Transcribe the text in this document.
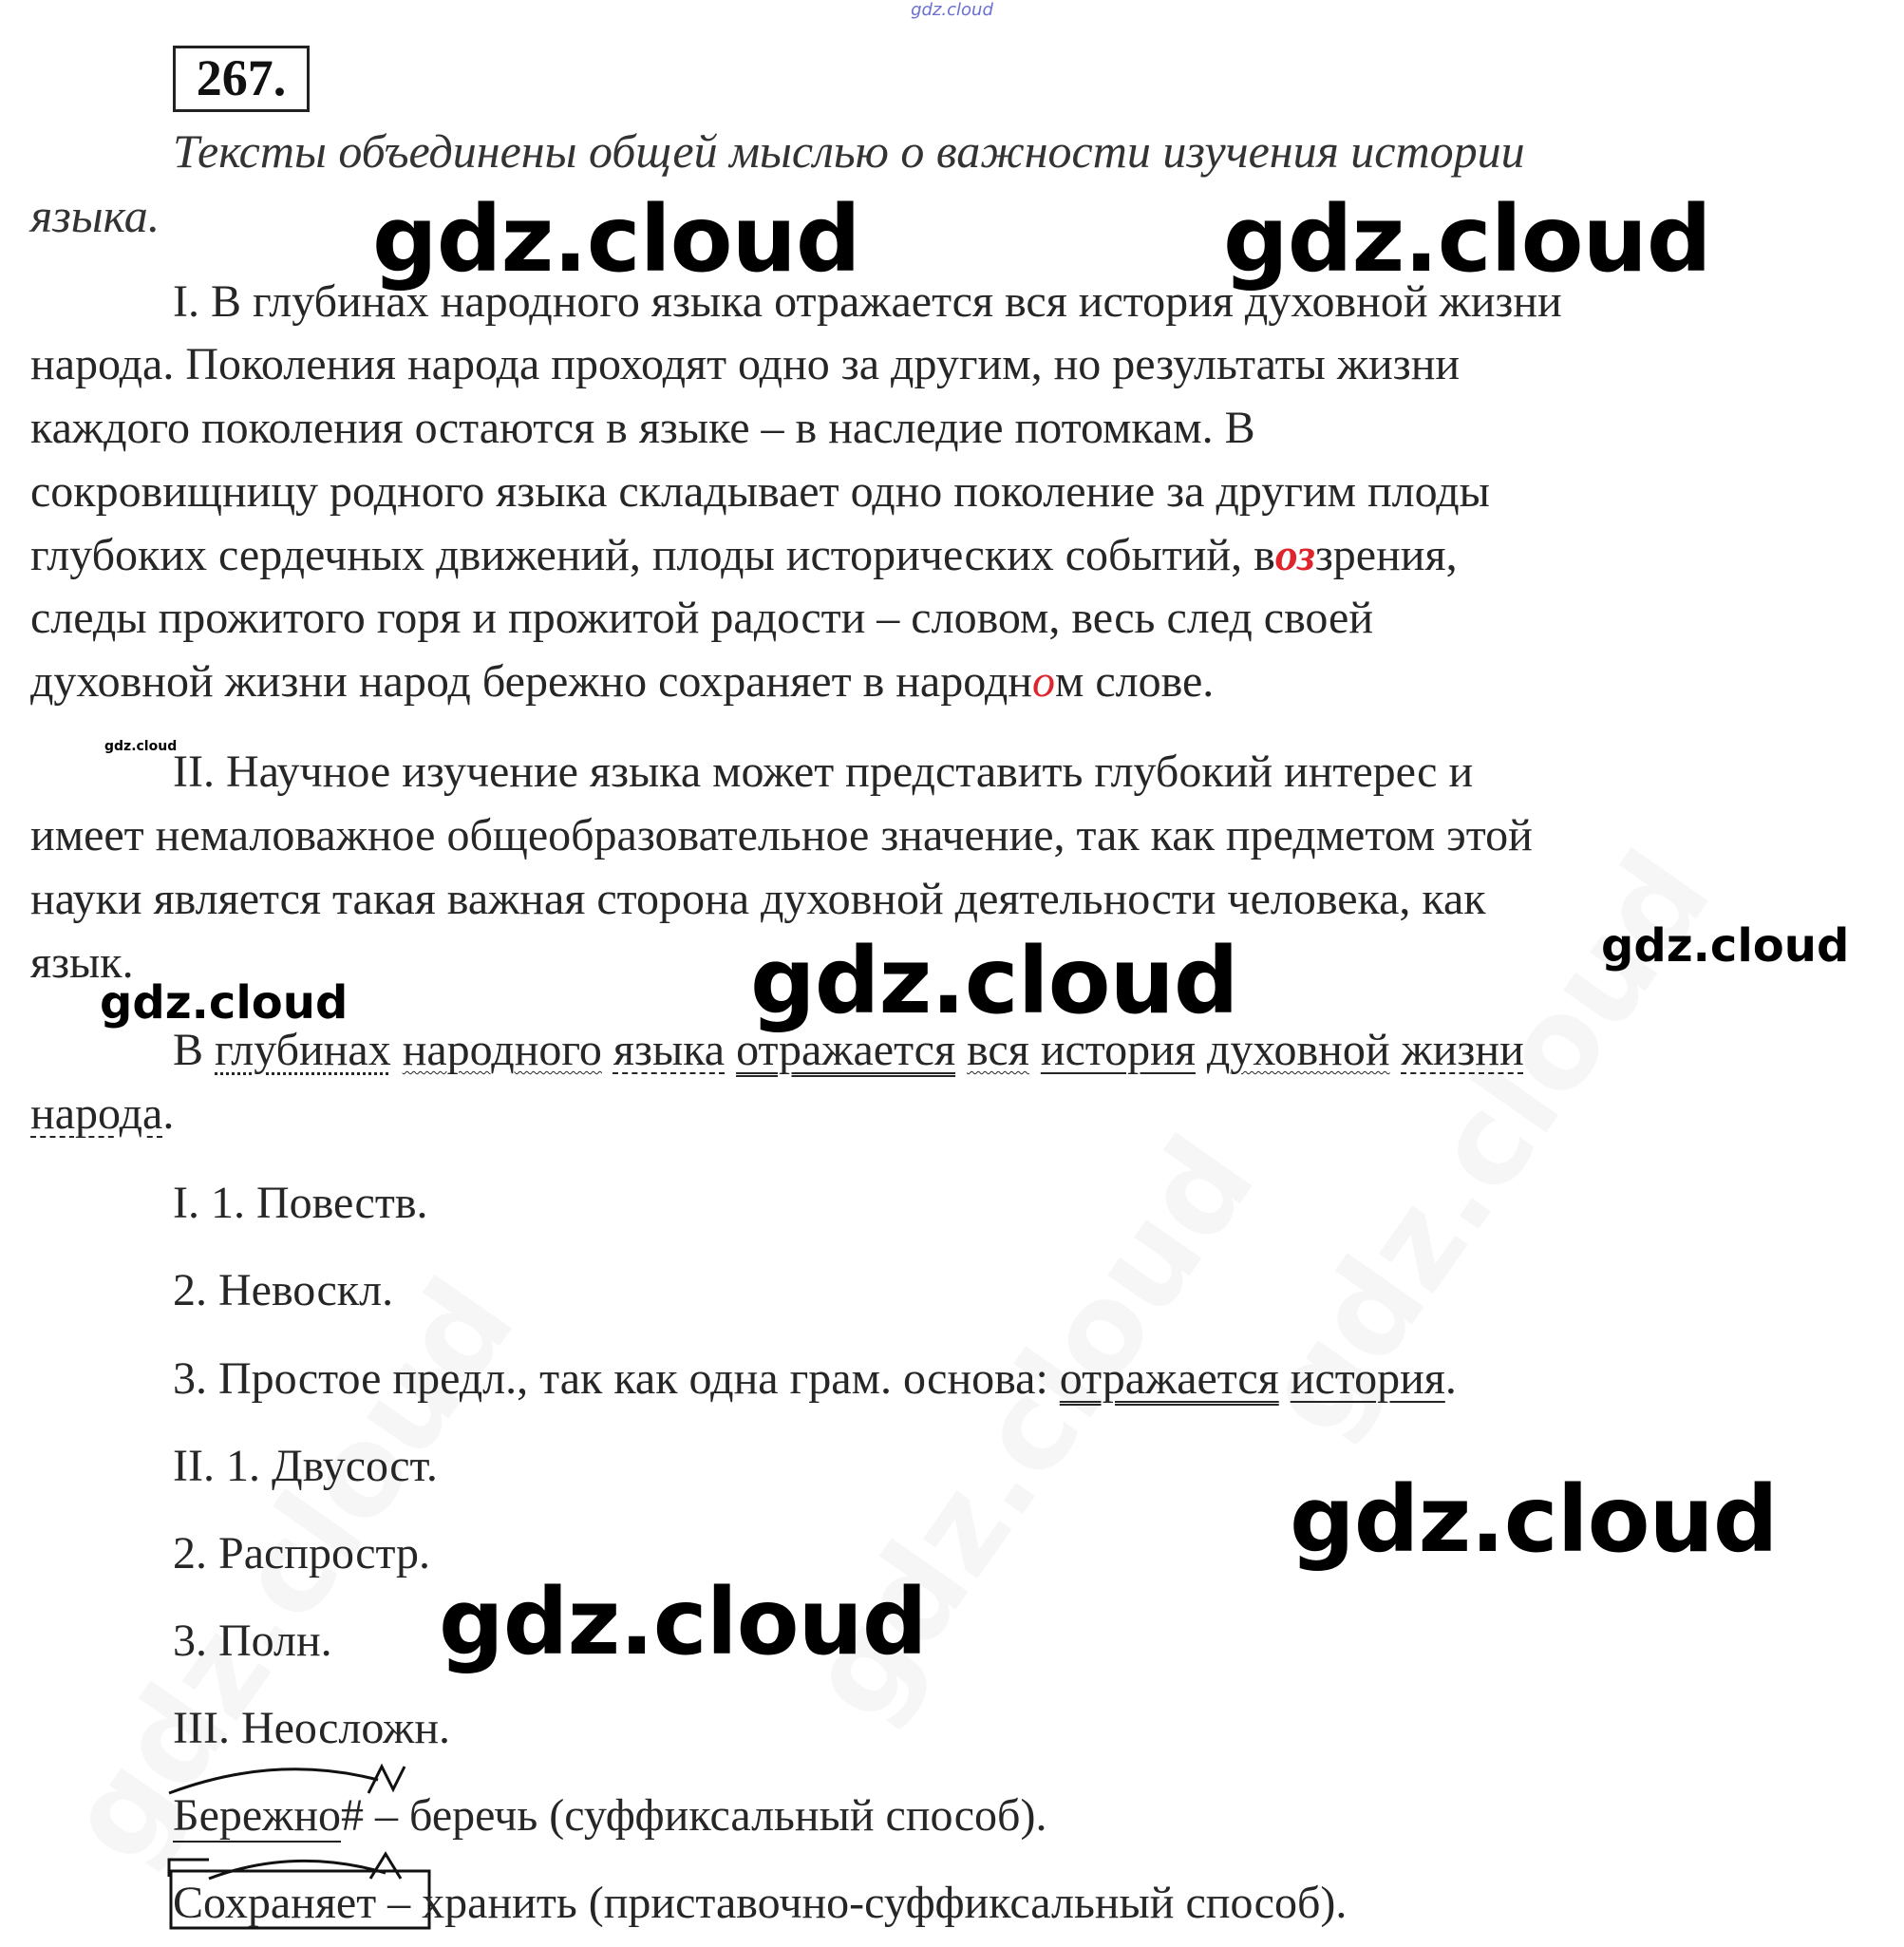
gdz.cloud
267.
Тексты объединены общей мыслью о важности изучения истории
языка.
I. В глубинах народного языка отражается вся история духовной жизни
народа. Поколения народа проходят одно за другим, но результаты жизни
каждого поколения остаются в языке – в наследие потомкам. В
сокровищницу родного языка складывает одно поколение за другим плоды
глубоких сердечных движений, плоды исторических событий, воззрения,
следы прожитого горя и прожитой радости – словом, весь след своей
духовной жизни народ бережно сохраняет в народном слове.
II. Научное изучение языка может представить глубокий интерес и
имеет немаловажное общеобразовательное значение, так как предметом этой
науки является такая важная сторона духовной деятельности человека, как
язык.
В глубинах народного языка отражается вся история духовной жизни
народа.
I. 1. Повеств.
2. Невоскл.
3. Простое предл., так как одна грам. основа: отражается история.
II. 1. Двусост.
2. Распростр.
3. Полн.
III. Неосложн.
Бережно# – беречь (суффиксальный способ).
Сохраняет – хранить (приставочно-суффиксальный способ).
gdz.cloud	gdz.cloud
gdz.cloud
gdz.cloud	gdz.cloud
gdz.cloud
gdz.cloud
gdz.cloud
